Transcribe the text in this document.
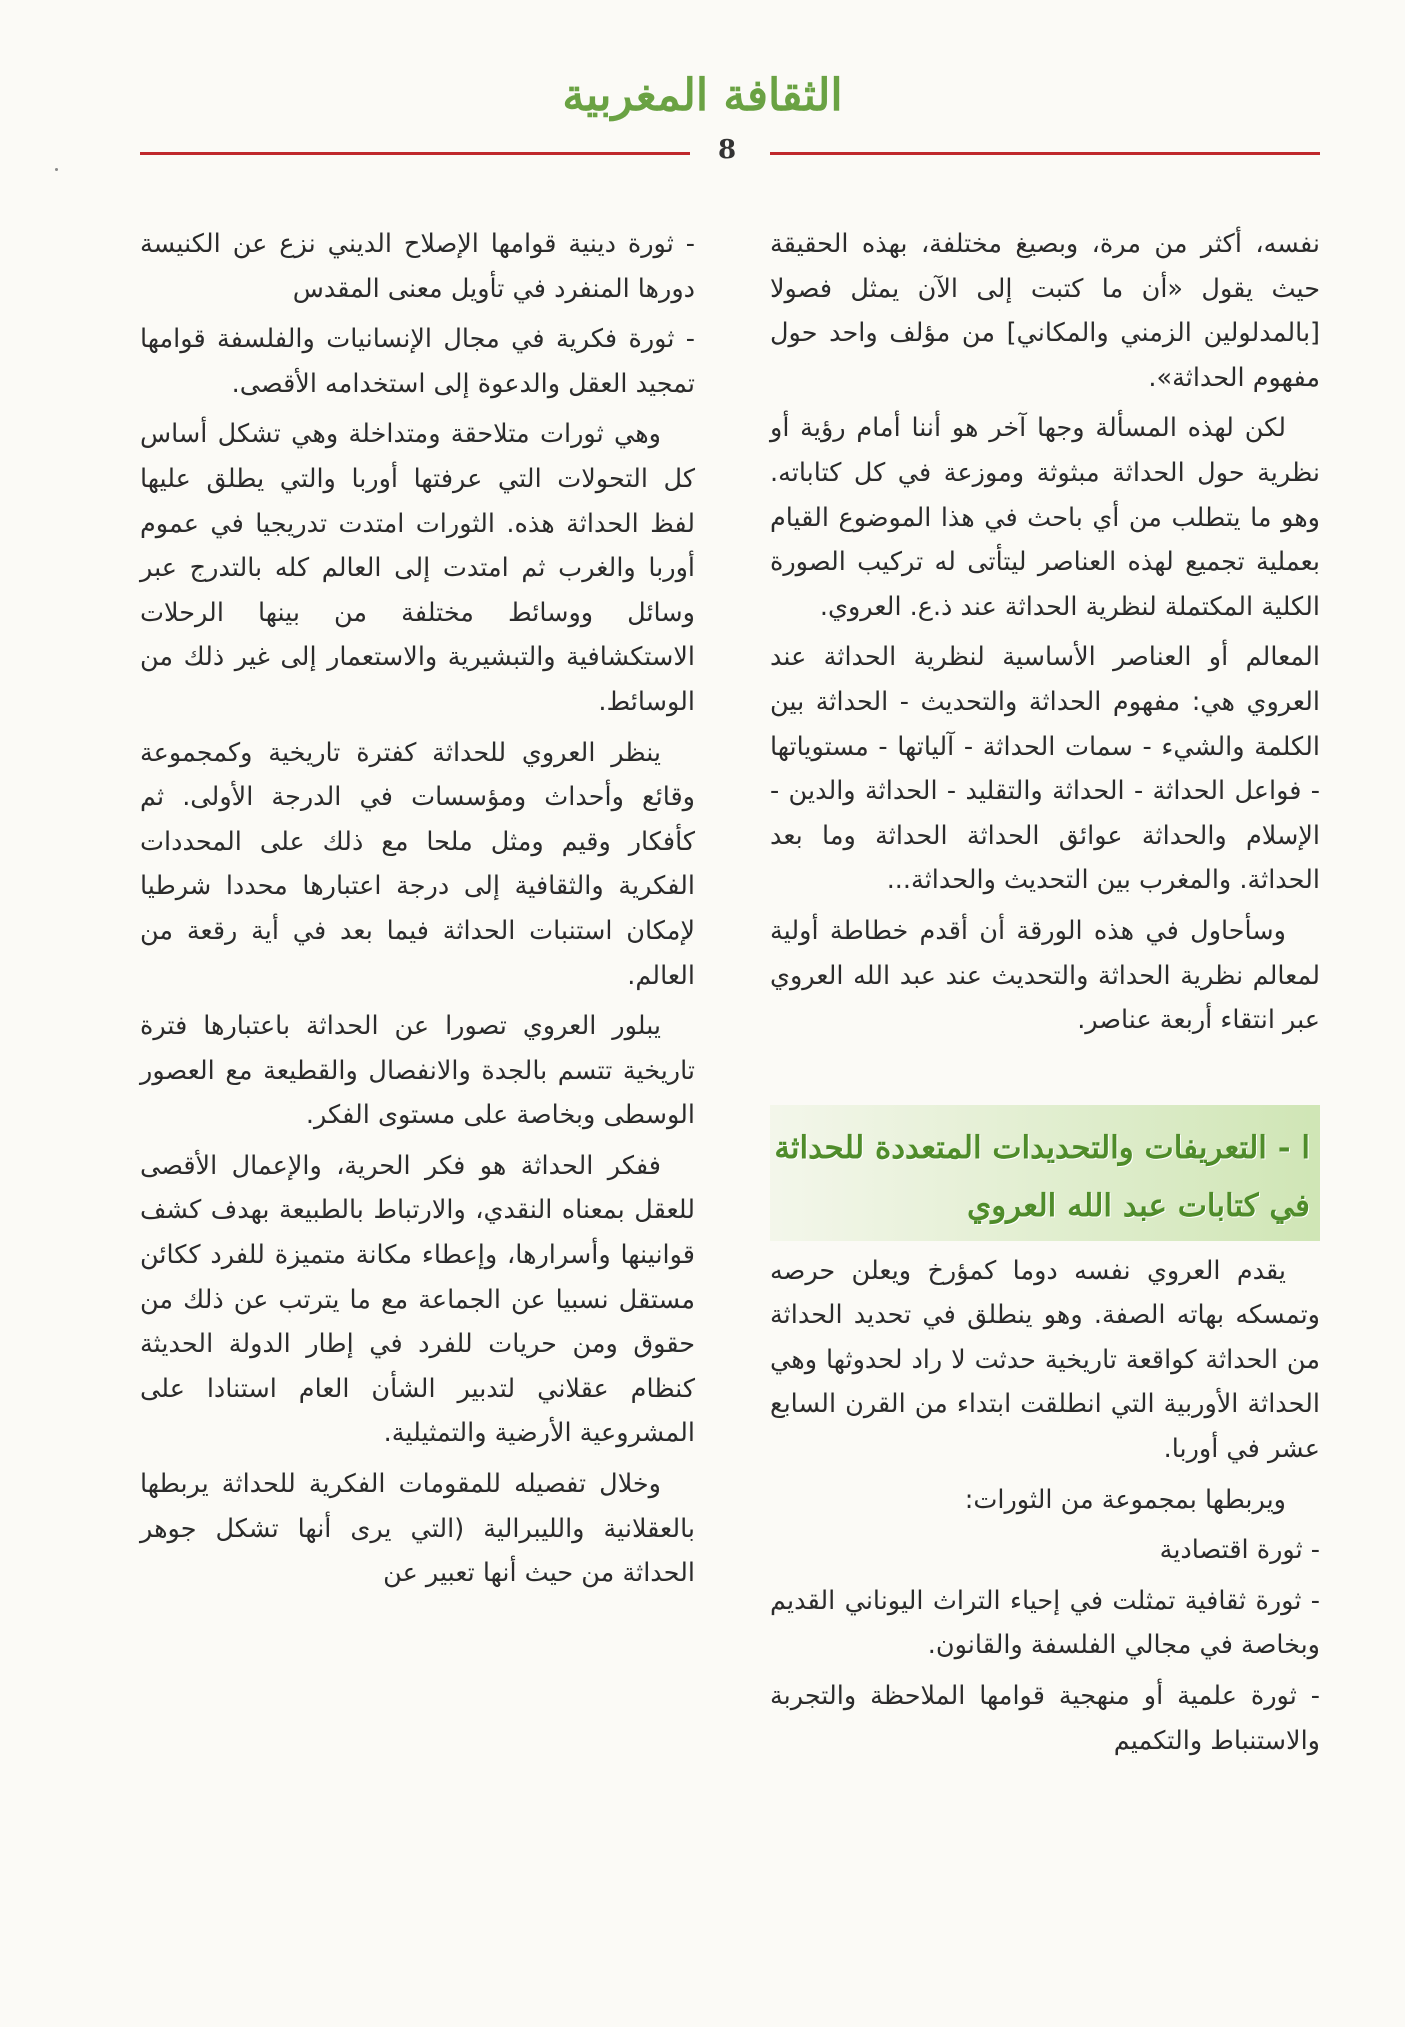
الثقافة المغربية
8

نفسه، أكثر من مرة، وبصيغ مختلفة، بهذه الحقيقة حيث يقول «أن ما كتبت إلى الآن يمثل فصولا [بالمدلولين الزمني والمكاني] من مؤلف واحد حول مفهوم الحداثة».

لكن لهذه المسألة وجها آخر هو أننا أمام رؤية أو نظرية حول الحداثة مبثوثة وموزعة في كل كتاباته. وهو ما يتطلب من أي باحث في هذا الموضوع القيام بعملية تجميع لهذه العناصر ليتأتى له تركيب الصورة الكلية المكتملة لنظرية الحداثة عند ذ.ع. العروي.

المعالم أو العناصر الأساسية لنظرية الحداثة عند العروي هي: مفهوم الحداثة والتحديث - الحداثة بين الكلمة والشيء - سمات الحداثة - آلياتها - مستوياتها - فواعل الحداثة - الحداثة والتقليد - الحداثة والدين - الإسلام والحداثة عوائق الحداثة الحداثة وما بعد الحداثة. والمغرب بين التحديث والحداثة...

وسأحاول في هذه الورقة أن أقدم خطاطة أولية لمعالم نظرية الحداثة والتحديث عند عبد الله العروي عبر انتقاء أربعة عناصر.

ا - التعريفات والتحديدات المتعددة للحداثة في كتابات عبد الله العروي

يقدم العروي نفسه دوما كمؤرخ ويعلن حرصه وتمسكه بهاته الصفة. وهو ينطلق في تحديد الحداثة من الحداثة كواقعة تاريخية حدثت لا راد لحدوثها وهي الحداثة الأوربية التي انطلقت ابتداء من القرن السابع عشر في أوربا.

ويربطها بمجموعة من الثورات:

- ثورة اقتصادية

- ثورة ثقافية تمثلت في إحياء التراث اليوناني القديم وبخاصة في مجالي الفلسفة والقانون.

- ثورة علمية أو منهجية قوامها الملاحظة والتجربة والاستنباط والتكميم

- ثورة دينية قوامها الإصلاح الديني نزع عن الكنيسة دورها المنفرد في تأويل معنى المقدس

- ثورة فكرية في مجال الإنسانيات والفلسفة قوامها تمجيد العقل والدعوة إلى استخدامه الأقصى.

وهي ثورات متلاحقة ومتداخلة وهي تشكل أساس كل التحولات التي عرفتها أوربا والتي يطلق عليها لفظ الحداثة هذه. الثورات امتدت تدريجيا في عموم أوربا والغرب ثم امتدت إلى العالم كله بالتدرج عبر وسائل ووسائط مختلفة من بينها الرحلات الاستكشافية والتبشيرية والاستعمار إلى غير ذلك من الوسائط.

ينظر العروي للحداثة كفترة تاريخية وكمجموعة وقائع وأحداث ومؤسسات في الدرجة الأولى. ثم كأفكار وقيم ومثل ملحا مع ذلك على المحددات الفكرية والثقافية إلى درجة اعتبارها محددا شرطيا لإمكان استنبات الحداثة فيما بعد في أية رقعة من العالم.

يبلور العروي تصورا عن الحداثة باعتبارها فترة تاريخية تتسم بالجدة والانفصال والقطيعة مع العصور الوسطى وبخاصة على مستوى الفكر.

ففكر الحداثة هو فكر الحرية، والإعمال الأقصى للعقل بمعناه النقدي، والارتباط بالطبيعة بهدف كشف قوانينها وأسرارها، وإعطاء مكانة متميزة للفرد ككائن مستقل نسبيا عن الجماعة مع ما يترتب عن ذلك من حقوق ومن حريات للفرد في إطار الدولة الحديثة كنظام عقلاني لتدبير الشأن العام استنادا على المشروعية الأرضية والتمثيلية.

وخلال تفصيله للمقومات الفكرية للحداثة يربطها بالعقلانية والليبرالية (التي يرى أنها تشكل جوهر الحداثة من حيث أنها تعبير عن
